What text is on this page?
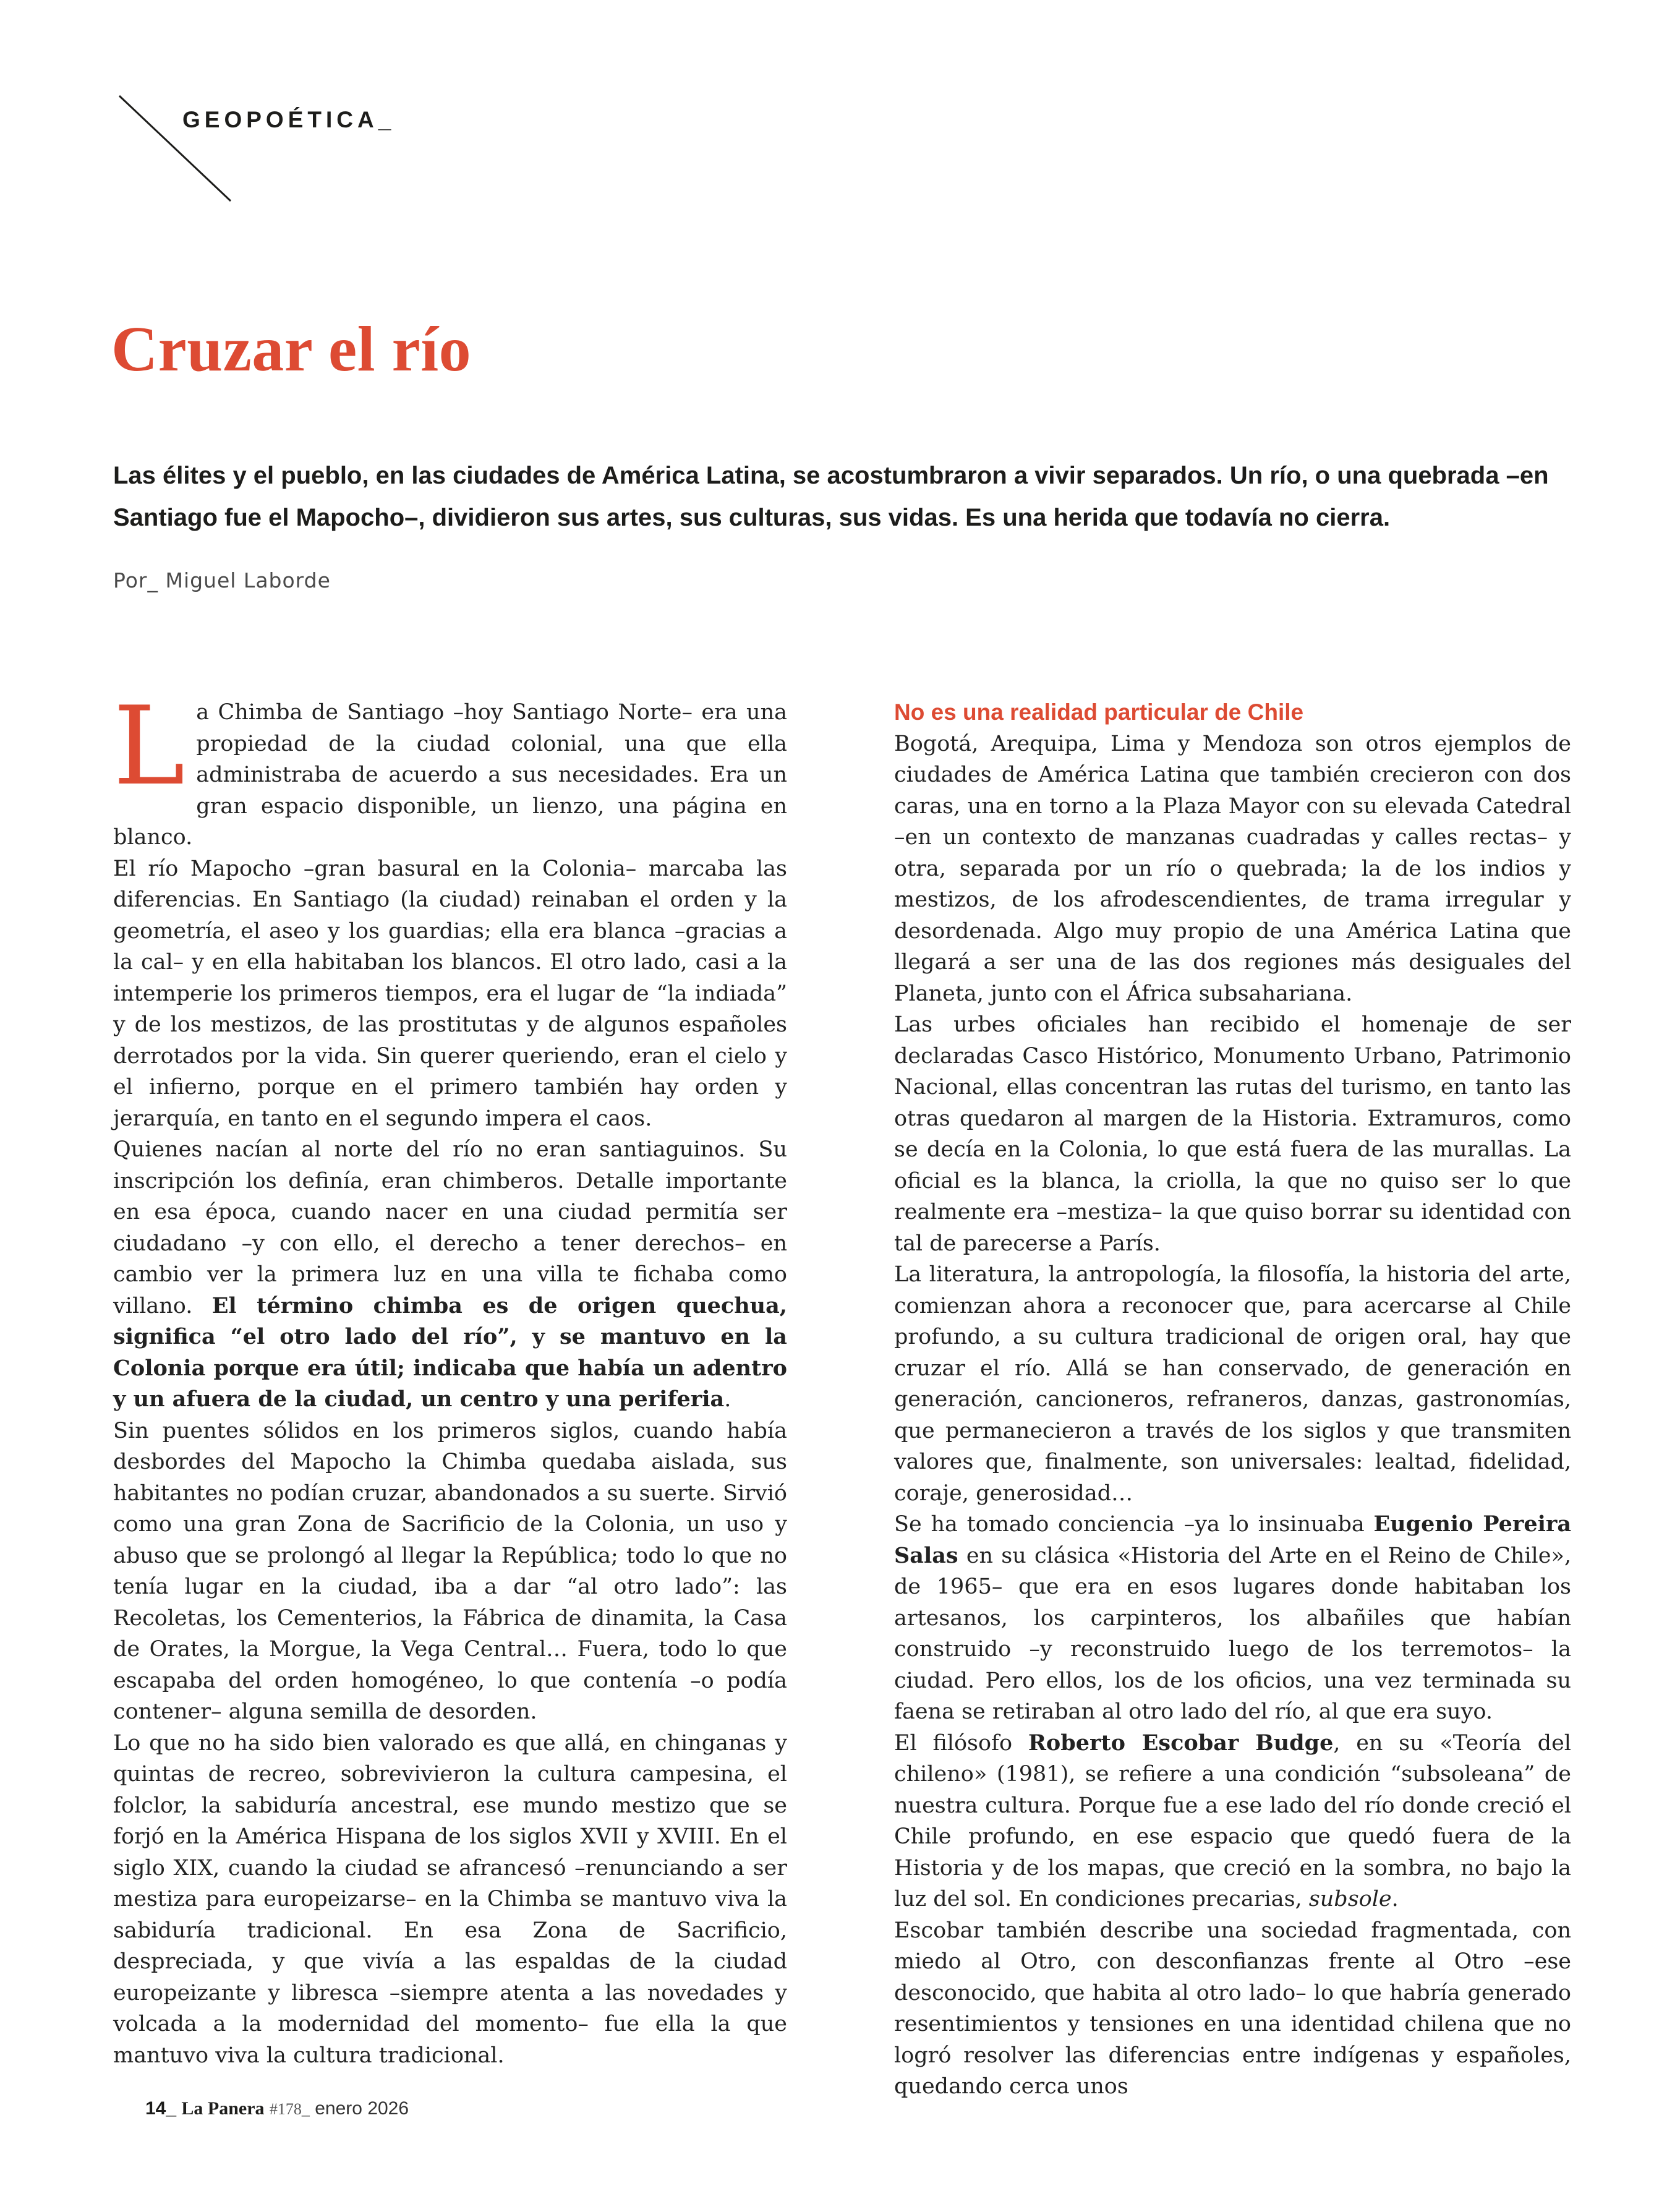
GEOPOÉTICA_

Cruzar el río

Las élites y el pueblo, en las ciudades de América Latina, se acostumbraron a vivir separados. Un río, o una quebrada –en Santiago fue el Mapocho–, dividieron sus artes, sus culturas, sus vidas. Es una herida que todavía no cierra.

Por_ Miguel Laborde

La Chimba de Santiago –hoy Santiago Norte– era una propiedad de la ciudad colonial, una que ella administraba de acuerdo a sus necesidades. Era un gran espacio disponible, un lienzo, una página en blanco.

El río Mapocho –gran basural en la Colonia– marcaba las diferencias. En Santiago (la ciudad) reinaban el orden y la geometría, el aseo y los guardias; ella era blanca –gracias a la cal– y en ella habitaban los blancos. El otro lado, casi a la intemperie los primeros tiempos, era el lugar de “la indiada” y de los mestizos, de las prostitutas y de algunos españoles derrotados por la vida. Sin querer queriendo, eran el cielo y el infierno, porque en el primero también hay orden y jerarquía, en tanto en el segundo impera el caos.

Quienes nacían al norte del río no eran santiaguinos. Su inscripción los definía, eran chimberos. Detalle importante en esa época, cuando nacer en una ciudad permitía ser ciudadano –y con ello, el derecho a tener derechos– en cambio ver la primera luz en una villa te fichaba como villano. El término chimba es de origen quechua, significa “el otro lado del río”, y se mantuvo en la Colonia porque era útil; indicaba que había un adentro y un afuera de la ciudad, un centro y una periferia.

Sin puentes sólidos en los primeros siglos, cuando había desbordes del Mapocho la Chimba quedaba aislada, sus habitantes no podían cruzar, abandonados a su suerte. Sirvió como una gran Zona de Sacrificio de la Colonia, un uso y abuso que se prolongó al llegar la República; todo lo que no tenía lugar en la ciudad, iba a dar “al otro lado”: las Recoletas, los Cementerios, la Fábrica de dinamita, la Casa de Orates, la Morgue, la Vega Central… Fuera, todo lo que escapaba del orden homogéneo, lo que contenía –o podía contener– alguna semilla de desorden.

Lo que no ha sido bien valorado es que allá, en chinganas y quintas de recreo, sobrevivieron la cultura campesina, el folclor, la sabiduría ancestral, ese mundo mestizo que se forjó en la América Hispana de los siglos XVII y XVIII. En el siglo XIX, cuando la ciudad se afrancesó –renunciando a ser mestiza para europeizarse– en la Chimba se mantuvo viva la sabiduría tradicional. En esa Zona de Sacrificio, despreciada, y que vivía a las espaldas de la ciudad europeizante y libresca –siempre atenta a las novedades y volcada a la modernidad del momento– fue ella la que mantuvo viva la cultura tradicional.

No es una realidad particular de Chile

Bogotá, Arequipa, Lima y Mendoza son otros ejemplos de ciudades de América Latina que también crecieron con dos caras, una en torno a la Plaza Mayor con su elevada Catedral –en un contexto de manzanas cuadradas y calles rectas– y otra, separada por un río o quebrada; la de los indios y mestizos, de los afrodescendientes, de trama irregular y desordenada. Algo muy propio de una América Latina que llegará a ser una de las dos regiones más desiguales del Planeta, junto con el África subsahariana.

Las urbes oficiales han recibido el homenaje de ser declaradas Casco Histórico, Monumento Urbano, Patrimonio Nacional, ellas concentran las rutas del turismo, en tanto las otras quedaron al margen de la Historia. Extramuros, como se decía en la Colonia, lo que está fuera de las murallas. La oficial es la blanca, la criolla, la que no quiso ser lo que realmente era –mestiza– la que quiso borrar su identidad con tal de parecerse a París.

La literatura, la antropología, la filosofía, la historia del arte, comienzan ahora a reconocer que, para acercarse al Chile profundo, a su cultura tradicional de origen oral, hay que cruzar el río. Allá se han conservado, de generación en generación, cancioneros, refraneros, danzas, gastronomías, que permanecieron a través de los siglos y que transmiten valores que, finalmente, son universales: lealtad, fidelidad, coraje, generosidad…

Se ha tomado conciencia –ya lo insinuaba Eugenio Pereira Salas en su clásica «Historia del Arte en el Reino de Chile», de 1965– que era en esos lugares donde habitaban los artesanos, los carpinteros, los albañiles que habían construido –y reconstruido luego de los terremotos– la ciudad. Pero ellos, los de los oficios, una vez terminada su faena se retiraban al otro lado del río, al que era suyo.

El filósofo Roberto Escobar Budge, en su «Teoría del chileno» (1981), se refiere a una condición “subsoleana” de nuestra cultura. Porque fue a ese lado del río donde creció el Chile profundo, en ese espacio que quedó fuera de la Historia y de los mapas, que creció en la sombra, no bajo la luz del sol. En condiciones precarias, subsole.

Escobar también describe una sociedad fragmentada, con miedo al Otro, con desconfianzas frente al Otro –ese desconocido, que habita al otro lado– lo que habría generado resentimientos y tensiones en una identidad chilena que no logró resolver las diferencias entre indígenas y españoles, quedando cerca unos

14_ La Panera #178_ enero 2026
